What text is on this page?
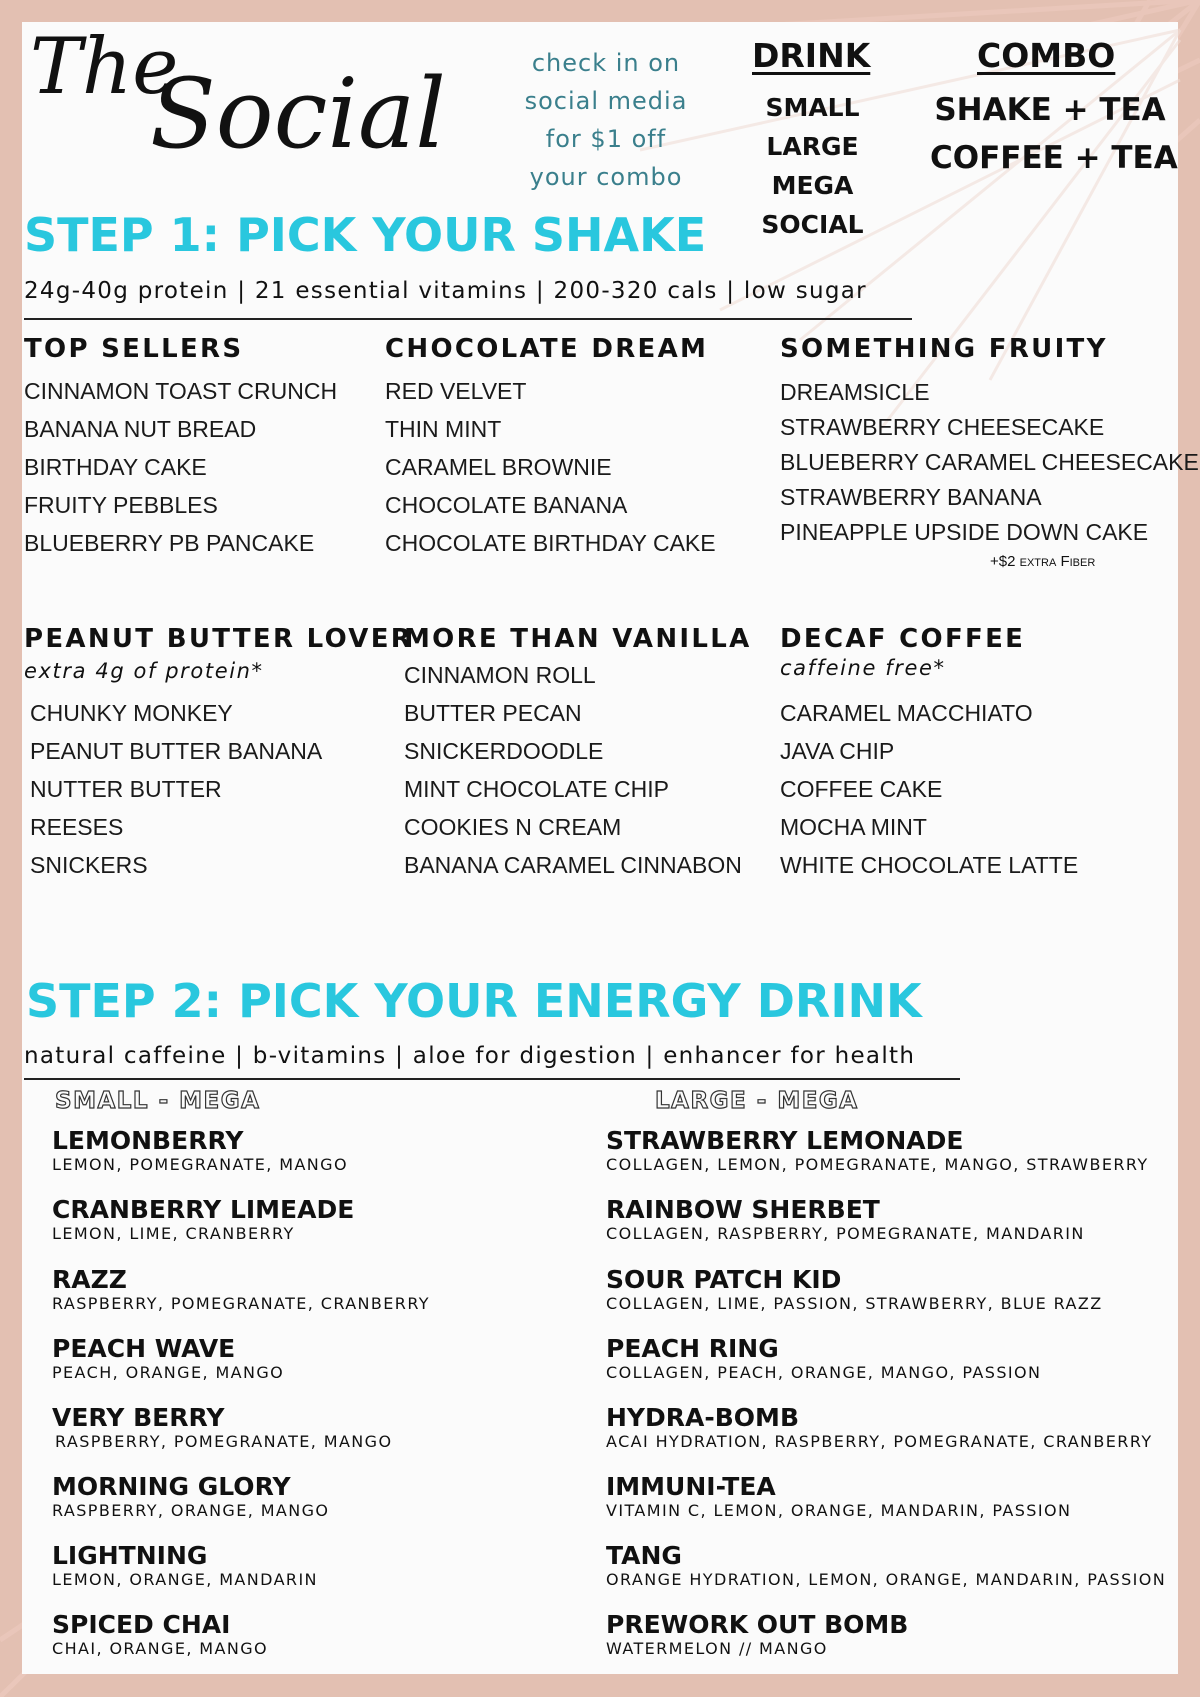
The
Social	check in on
social media
for $1 off
your combo
DRINK
SMALL
LARGE
MEGA
SOCIAL
COMBO
SHAKE + TEA
COFFEE + TEA
STEP 1: PICK YOUR SHAKE
24g-40g protein | 21 essential vitamins | 200-320 cals | low sugar
TOP SELLERS
CINNAMON TOAST CRUNCH
BANANA NUT BREAD
BIRTHDAY CAKE
FRUITY PEBBLES
BLUEBERRY PB PANCAKE
CHOCOLATE DREAM
RED VELVET
THIN MINT
CARAMEL BROWNIE
CHOCOLATE BANANA
CHOCOLATE BIRTHDAY CAKE
SOMETHING FRUITY
DREAMSICLE
STRAWBERRY CHEESECAKE
BLUEBERRY CARAMEL CHEESECAKE
STRAWBERRY BANANA
PINEAPPLE UPSIDE DOWN CAKE
+$2 extra Fiber
PEANUT BUTTER LOVER
extra 4g of protein*
CHUNKY MONKEY
PEANUT BUTTER BANANA
NUTTER BUTTER
REESES
SNICKERS
MORE THAN VANILLA
CINNAMON ROLL
BUTTER PECAN
SNICKERDOODLE
MINT CHOCOLATE CHIP
COOKIES N CREAM
BANANA CARAMEL CINNABON
DECAF COFFEE
caffeine free*
CARAMEL MACCHIATO
JAVA CHIP
COFFEE CAKE
MOCHA MINT
WHITE CHOCOLATE LATTE
STEP 2: PICK YOUR ENERGY DRINK
natural caffeine | b-vitamins | aloe for digestion | enhancer for health
SMALL - MEGA	LARGE - MEGA
LEMONBERRY
LEMON, POMEGRANATE, MANGO
CRANBERRY LIMEADE
LEMON, LIME, CRANBERRY
RAZZ
RASPBERRY, POMEGRANATE, CRANBERRY
PEACH WAVE
PEACH, ORANGE, MANGO
VERY BERRY
RASPBERRY, POMEGRANATE, MANGO
MORNING GLORY
RASPBERRY, ORANGE, MANGO
LIGHTNING
LEMON, ORANGE, MANDARIN
SPICED CHAI
CHAI, ORANGE, MANGO
STRAWBERRY LEMONADE
COLLAGEN, LEMON, POMEGRANATE, MANGO, STRAWBERRY
RAINBOW SHERBET
COLLAGEN, RASPBERRY, POMEGRANATE, MANDARIN
SOUR PATCH KID
COLLAGEN, LIME, PASSION, STRAWBERRY, BLUE RAZZ
PEACH RING
COLLAGEN, PEACH, ORANGE, MANGO, PASSION
HYDRA-BOMB
ACAI HYDRATION, RASPBERRY, POMEGRANATE, CRANBERRY
IMMUNI-TEA
VITAMIN C, LEMON, ORANGE, MANDARIN, PASSION
TANG
ORANGE HYDRATION, LEMON, ORANGE, MANDARIN, PASSION
PREWORK OUT BOMB
WATERMELON // MANGO
